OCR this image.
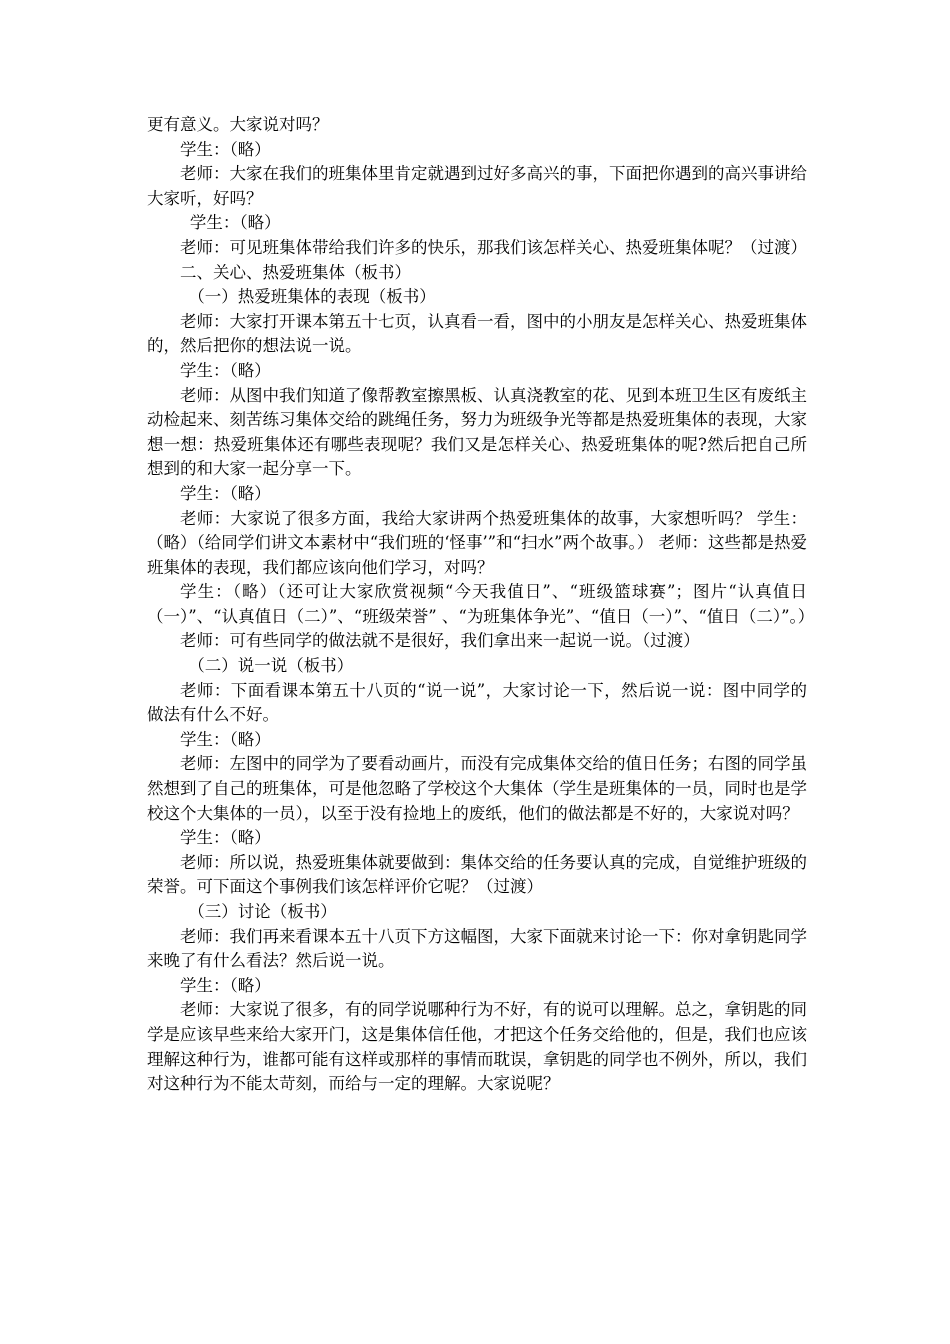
更有意义。大家说对吗？

学生：（略）

老师：大家在我们的班集体里肯定就遇到过好多高兴的事，下面把你遇到的高兴事讲给大家听，好吗？

学生：（略）

老师：可见班集体带给我们许多的快乐，那我们该怎样关心、热爱班集体呢？（过渡）

二、关心、热爱班集体（板书）

（一）热爱班集体的表现（板书）

老师：大家打开课本第五十七页，认真看一看，图中的小朋友是怎样关心、热爱班集体的，然后把你的想法说一说。

学生：（略）

老师：从图中我们知道了像帮教室擦黑板、认真浇教室的花、见到本班卫生区有废纸主动检起来、刻苦练习集体交给的跳绳任务，努力为班级争光等都是热爱班集体的表现，大家想一想：热爱班集体还有哪些表现呢？我们又是怎样关心、热爱班集体的呢?然后把自己所想到的和大家一起分享一下。

学生：（略）

老师：大家说了很多方面，我给大家讲两个热爱班集体的故事，大家想听吗？ 学生：（略）（给同学们讲文本素材中“我们班的‘怪事’”和“扫水”两个故事。） 老师：这些都是热爱班集体的表现，我们都应该向他们学习，对吗？

学生：（略）（还可让大家欣赏视频“今天我值日”、“班级篮球赛”；图片“认真值日（一）”、“认真值日（二）”、“班级荣誉” 、“为班集体争光”、“值日（一）”、“值日（二）”。）

老师：可有些同学的做法就不是很好，我们拿出来一起说一说。（过渡）

（二）说一说（板书）

老师：下面看课本第五十八页的“说一说”，大家讨论一下，然后说一说：图中同学的做法有什么不好。

学生：（略）

老师：左图中的同学为了要看动画片，而没有完成集体交给的值日任务；右图的同学虽然想到了自己的班集体，可是他忽略了学校这个大集体（学生是班集体的一员，同时也是学校这个大集体的一员），以至于没有捡地上的废纸，他们的做法都是不好的，大家说对吗？

学生：（略）

老师：所以说，热爱班集体就要做到：集体交给的任务要认真的完成，自觉维护班级的荣誉。可下面这个事例我们该怎样评价它呢？（过渡）

（三）讨论（板书）

老师：我们再来看课本五十八页下方这幅图，大家下面就来讨论一下：你对拿钥匙同学来晚了有什么看法？然后说一说。

学生：（略）

老师：大家说了很多，有的同学说哪种行为不好，有的说可以理解。总之，拿钥匙的同学是应该早些来给大家开门，这是集体信任他，才把这个任务交给他的，但是，我们也应该理解这种行为，谁都可能有这样或那样的事情而耽误，拿钥匙的同学也不例外，所以，我们对这种行为不能太苛刻，而给与一定的理解。大家说呢？
